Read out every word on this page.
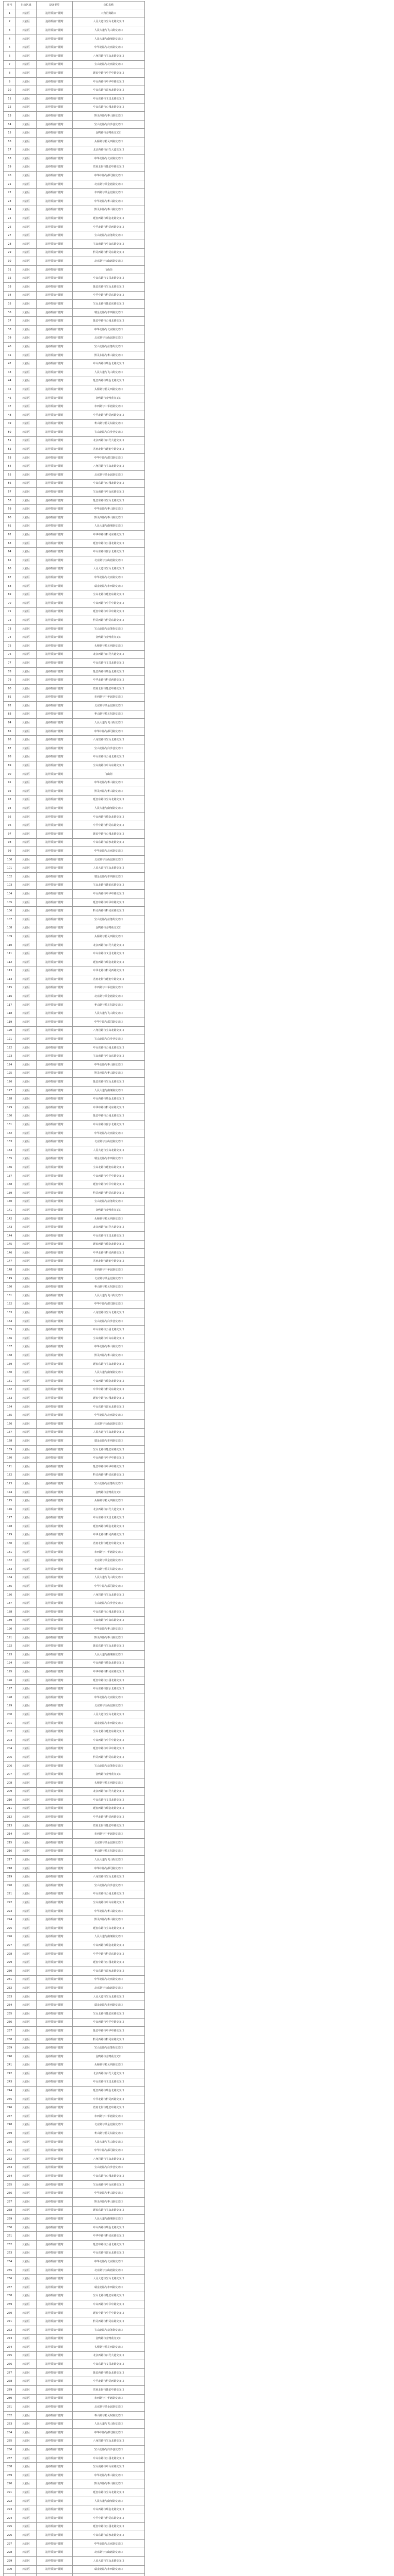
序号	行政区域	设备类型	点位名称
1	云岩区	违停抓拍不限时	八角岩路路口
2	云岩区	违停抓拍不限时	人民大道与宝山北路交叉口
3	云岩区	违停抓拍不限时	人民大道与飞山街交叉口
4	云岩区	违停抓拍不限时	人民大道与南垭路交叉口
5	云岩区	违停抓拍不限时	中华北路与北京路交叉口
6	云岩区	违停抓拍不限时	八角岩路与宝山北路交叉口
7	云岩区	违停抓拍不限时	宝山北路与北京路交叉口
8	云岩区	违停抓拍不限时	延安中路与中华中路交叉口
9	云岩区	违停抓拍不限时	中山西路与中华中路交叉口
10	云岩区	违停抓拍不限时	中山东路与富水北路交叉口
11	云岩区	违停抓拍不限时	中山东路与文昌北路交叉口
12	云岩区	违停抓拍不限时	中山东路与公园北路交叉口
13	云岩区	违停抓拍不限时	黔灵西路与枣山路交叉口
14	云岩区	违停抓拍不限时	宝山北路与白沙巷交叉口
15	云岩区	违停抓拍不限时	金鸭路与金鸭苑交叉口
16	云岩区	违停抓拍不限时	头桥路与黔灵西路交叉口
17	云岩区	违停抓拍不限时	北京西路与百花大道交叉口
18	云岩区	违停抓拍不限时	中华北路与北京路交叉口
19	云岩区	违停抓拍不限时	省府北街与延安中路交叉口
20	云岩区	违停抓拍不限时	中华中路与都司路交叉口
21	云岩区	违停抓拍不限时	北京路与瑞金北路交叉口
22	云岩区	违停抓拍不限时	市西路与瑞金北路交叉口
23	云岩区	违停抓拍不限时	中华北路与枣山路交叉口
24	云岩区	违停抓拍不限时	黔灵东路与枣山路交叉口
25	云岩区	违停抓拍不限时	延安西路与瑞金北路交叉口
26	云岩区	违停抓拍不限时	中华北路与黔灵西路交叉口
27	云岩区	违停抓拍不限时	宝山北路与盐务街交叉口
28	云岩区	违停抓拍不限时	宝山南路与中山东路交叉口
29	云岩区	违停抓拍不限时	黔灵西路与黔灵东路交叉口
30	云岩区	违停抓拍不限时	北京路与宝山北路交叉口
31	云岩区	违停抓拍不限时	飞山街
32	云岩区	违停抓拍不限时	中山东路与文昌北路交叉口
33	云岩区	违停抓拍不限时	延安东路与宝山北路交叉口
34	云岩区	违停抓拍不限时	中华中路与黔灵东路交叉口
35	云岩区	违停抓拍不限时	宝山北路与延安东路交叉口
36	云岩区	违停抓拍不限时	瑞金北路与市西路交叉口
37	云岩区	违停抓拍不限时	延安中路与公园北路交叉口
38	云岩区	违停抓拍不限时	中华北路与北京路交叉口
39	云岩区	违停抓拍不限时	北京路与宝山北路交叉口
40	云岩区	违停抓拍不限时	宝山北路与盐务街交叉口
41	云岩区	违停抓拍不限时	黔灵东路与枣山路交叉口
42	云岩区	违停抓拍不限时	中山西路与瑞金北路交叉口
43	云岩区	违停抓拍不限时	人民大道与飞山街交叉口
44	云岩区	违停抓拍不限时	延安西路与瑞金北路交叉口
45	云岩区	违停抓拍不限时	头桥路与黔灵西路交叉口
46	云岩区	违停抓拍不限时	金鸭路与金鸭苑交叉口
47	云岩区	违停抓拍不限时	市西路与中华北路交叉口
48	云岩区	违停抓拍不限时	中华北路与黔灵西路交叉口
49	云岩区	违停抓拍不限时	枣山路与黔灵东路交叉口
50	云岩区	违停抓拍不限时	宝山北路与白沙巷交叉口
51	云岩区	违停抓拍不限时	北京西路与百花大道交叉口
52	云岩区	违停抓拍不限时	省府北街与延安中路交叉口
53	云岩区	违停抓拍不限时	中华中路与都司路交叉口
54	云岩区	违停抓拍不限时	八角岩路与宝山北路交叉口
55	云岩区	违停抓拍不限时	北京路与瑞金北路交叉口
56	云岩区	违停抓拍不限时	中山东路与公园北路交叉口
57	云岩区	违停抓拍不限时	宝山南路与中山东路交叉口
58	云岩区	违停抓拍不限时	延安东路与宝山北路交叉口
59	云岩区	违停抓拍不限时	中华北路与枣山路交叉口
60	云岩区	违停抓拍不限时	黔灵西路与枣山路交叉口
61	云岩区	违停抓拍不限时	人民大道与南垭路交叉口
62	云岩区	违停抓拍不限时	中华中路与黔灵东路交叉口
63	云岩区	违停抓拍不限时	延安中路与公园北路交叉口
64	云岩区	违停抓拍不限时	中山东路与富水北路交叉口
65	云岩区	违停抓拍不限时	北京路与宝山北路交叉口
66	云岩区	违停抓拍不限时	人民大道与宝山北路交叉口
67	云岩区	违停抓拍不限时	中华北路与北京路交叉口
68	云岩区	违停抓拍不限时	瑞金北路与市西路交叉口
69	云岩区	违停抓拍不限时	宝山北路与延安东路交叉口
70	云岩区	违停抓拍不限时	中山西路与中华中路交叉口
71	云岩区	违停抓拍不限时	延安中路与中华中路交叉口
72	云岩区	违停抓拍不限时	黔灵西路与黔灵东路交叉口
73	云岩区	违停抓拍不限时	宝山北路与盐务街交叉口
74	云岩区	违停抓拍不限时	金鸭路与金鸭苑交叉口
75	云岩区	违停抓拍不限时	头桥路与黔灵西路交叉口
76	云岩区	违停抓拍不限时	北京西路与百花大道交叉口
77	云岩区	违停抓拍不限时	中山东路与文昌北路交叉口
78	云岩区	违停抓拍不限时	延安西路与瑞金北路交叉口
79	云岩区	违停抓拍不限时	中华北路与黔灵西路交叉口
80	云岩区	违停抓拍不限时	省府北街与延安中路交叉口
81	云岩区	违停抓拍不限时	市西路与中华北路交叉口
82	云岩区	违停抓拍不限时	北京路与瑞金北路交叉口
83	云岩区	违停抓拍不限时	枣山路与黔灵东路交叉口
84	云岩区	违停抓拍不限时	人民大道与飞山街交叉口
85	云岩区	违停抓拍不限时	中华中路与都司路交叉口
86	云岩区	违停抓拍不限时	八角岩路与宝山北路交叉口
87	云岩区	违停抓拍不限时	宝山北路与白沙巷交叉口
88	云岩区	违停抓拍不限时	中山东路与公园北路交叉口
89	云岩区	违停抓拍不限时	宝山南路与中山东路交叉口
90	云岩区	违停抓拍不限时	飞山街
91	云岩区	违停抓拍不限时	中华北路与枣山路交叉口
92	云岩区	违停抓拍不限时	黔灵西路与枣山路交叉口
93	云岩区	违停抓拍不限时	延安东路与宝山北路交叉口
94	云岩区	违停抓拍不限时	人民大道与南垭路交叉口
95	云岩区	违停抓拍不限时	中山西路与瑞金北路交叉口
96	云岩区	违停抓拍不限时	中华中路与黔灵东路交叉口
97	云岩区	违停抓拍不限时	延安中路与公园北路交叉口
98	云岩区	违停抓拍不限时	中山东路与富水北路交叉口
99	云岩区	违停抓拍不限时	中华北路与北京路交叉口
100	云岩区	违停抓拍不限时	北京路与宝山北路交叉口
101	云岩区	违停抓拍不限时	人民大道与宝山北路交叉口
102	云岩区	违停抓拍不限时	瑞金北路与市西路交叉口
103	云岩区	违停抓拍不限时	宝山北路与延安东路交叉口
104	云岩区	违停抓拍不限时	中山西路与中华中路交叉口
105	云岩区	违停抓拍不限时	延安中路与中华中路交叉口
106	云岩区	违停抓拍不限时	黔灵西路与黔灵东路交叉口
107	云岩区	违停抓拍不限时	宝山北路与盐务街交叉口
108	云岩区	违停抓拍不限时	金鸭路与金鸭苑交叉口
109	云岩区	违停抓拍不限时	头桥路与黔灵西路交叉口
110	云岩区	违停抓拍不限时	北京西路与百花大道交叉口
111	云岩区	违停抓拍不限时	中山东路与文昌北路交叉口
112	云岩区	违停抓拍不限时	延安西路与瑞金北路交叉口
113	云岩区	违停抓拍不限时	中华北路与黔灵西路交叉口
114	云岩区	违停抓拍不限时	省府北街与延安中路交叉口
115	云岩区	违停抓拍不限时	市西路与中华北路交叉口
116	云岩区	违停抓拍不限时	北京路与瑞金北路交叉口
117	云岩区	违停抓拍不限时	枣山路与黔灵东路交叉口
118	云岩区	违停抓拍不限时	人民大道与飞山街交叉口
119	云岩区	违停抓拍不限时	中华中路与都司路交叉口
120	云岩区	违停抓拍不限时	八角岩路与宝山北路交叉口
121	云岩区	违停抓拍不限时	宝山北路与白沙巷交叉口
122	云岩区	违停抓拍不限时	中山东路与公园北路交叉口
123	云岩区	违停抓拍不限时	宝山南路与中山东路交叉口
124	云岩区	违停抓拍不限时	中华北路与枣山路交叉口
125	云岩区	违停抓拍不限时	黔灵西路与枣山路交叉口
126	云岩区	违停抓拍不限时	延安东路与宝山北路交叉口
127	云岩区	违停抓拍不限时	人民大道与南垭路交叉口
128	云岩区	违停抓拍不限时	中山西路与瑞金北路交叉口
129	云岩区	违停抓拍不限时	中华中路与黔灵东路交叉口
130	云岩区	违停抓拍不限时	延安中路与公园北路交叉口
131	云岩区	违停抓拍不限时	中山东路与富水北路交叉口
132	云岩区	违停抓拍不限时	中华北路与北京路交叉口
133	云岩区	违停抓拍不限时	北京路与宝山北路交叉口
134	云岩区	违停抓拍不限时	人民大道与宝山北路交叉口
135	云岩区	违停抓拍不限时	瑞金北路与市西路交叉口
136	云岩区	违停抓拍不限时	宝山北路与延安东路交叉口
137	云岩区	违停抓拍不限时	中山西路与中华中路交叉口
138	云岩区	违停抓拍不限时	延安中路与中华中路交叉口
139	云岩区	违停抓拍不限时	黔灵西路与黔灵东路交叉口
140	云岩区	违停抓拍不限时	宝山北路与盐务街交叉口
141	云岩区	违停抓拍不限时	金鸭路与金鸭苑交叉口
142	云岩区	违停抓拍不限时	头桥路与黔灵西路交叉口
143	云岩区	违停抓拍不限时	北京西路与百花大道交叉口
144	云岩区	违停抓拍不限时	中山东路与文昌北路交叉口
145	云岩区	违停抓拍不限时	延安西路与瑞金北路交叉口
146	云岩区	违停抓拍不限时	中华北路与黔灵西路交叉口
147	云岩区	违停抓拍不限时	省府北街与延安中路交叉口
148	云岩区	违停抓拍不限时	市西路与中华北路交叉口
149	云岩区	违停抓拍不限时	北京路与瑞金北路交叉口
150	云岩区	违停抓拍不限时	枣山路与黔灵东路交叉口
151	云岩区	违停抓拍不限时	人民大道与飞山街交叉口
152	云岩区	违停抓拍不限时	中华中路与都司路交叉口
153	云岩区	违停抓拍不限时	八角岩路与宝山北路交叉口
154	云岩区	违停抓拍不限时	宝山北路与白沙巷交叉口
155	云岩区	违停抓拍不限时	中山东路与公园北路交叉口
156	云岩区	违停抓拍不限时	宝山南路与中山东路交叉口
157	云岩区	违停抓拍不限时	中华北路与枣山路交叉口
158	云岩区	违停抓拍不限时	黔灵西路与枣山路交叉口
159	云岩区	违停抓拍不限时	延安东路与宝山北路交叉口
160	云岩区	违停抓拍不限时	人民大道与南垭路交叉口
161	云岩区	违停抓拍不限时	中山西路与瑞金北路交叉口
162	云岩区	违停抓拍不限时	中华中路与黔灵东路交叉口
163	云岩区	违停抓拍不限时	延安中路与公园北路交叉口
164	云岩区	违停抓拍不限时	中山东路与富水北路交叉口
165	云岩区	违停抓拍不限时	中华北路与北京路交叉口
166	云岩区	违停抓拍不限时	北京路与宝山北路交叉口
167	云岩区	违停抓拍不限时	人民大道与宝山北路交叉口
168	云岩区	违停抓拍不限时	瑞金北路与市西路交叉口
169	云岩区	违停抓拍不限时	宝山北路与延安东路交叉口
170	云岩区	违停抓拍不限时	中山西路与中华中路交叉口
171	云岩区	违停抓拍不限时	延安中路与中华中路交叉口
172	云岩区	违停抓拍不限时	黔灵西路与黔灵东路交叉口
173	云岩区	违停抓拍不限时	宝山北路与盐务街交叉口
174	云岩区	违停抓拍不限时	金鸭路与金鸭苑交叉口
175	云岩区	违停抓拍不限时	头桥路与黔灵西路交叉口
176	云岩区	违停抓拍不限时	北京西路与百花大道交叉口
177	云岩区	违停抓拍不限时	中山东路与文昌北路交叉口
178	云岩区	违停抓拍不限时	延安西路与瑞金北路交叉口
179	云岩区	违停抓拍不限时	中华北路与黔灵西路交叉口
180	云岩区	违停抓拍不限时	省府北街与延安中路交叉口
181	云岩区	违停抓拍不限时	市西路与中华北路交叉口
182	云岩区	违停抓拍不限时	北京路与瑞金北路交叉口
183	云岩区	违停抓拍不限时	枣山路与黔灵东路交叉口
184	云岩区	违停抓拍不限时	人民大道与飞山街交叉口
185	云岩区	违停抓拍不限时	中华中路与都司路交叉口
186	云岩区	违停抓拍不限时	八角岩路与宝山北路交叉口
187	云岩区	违停抓拍不限时	宝山北路与白沙巷交叉口
188	云岩区	违停抓拍不限时	中山东路与公园北路交叉口
189	云岩区	违停抓拍不限时	宝山南路与中山东路交叉口
190	云岩区	违停抓拍不限时	中华北路与枣山路交叉口
191	云岩区	违停抓拍不限时	黔灵西路与枣山路交叉口
192	云岩区	违停抓拍不限时	延安东路与宝山北路交叉口
193	云岩区	违停抓拍不限时	人民大道与南垭路交叉口
194	云岩区	违停抓拍不限时	中山西路与瑞金北路交叉口
195	云岩区	违停抓拍不限时	中华中路与黔灵东路交叉口
196	云岩区	违停抓拍不限时	延安中路与公园北路交叉口
197	云岩区	违停抓拍不限时	中山东路与富水北路交叉口
198	云岩区	违停抓拍不限时	中华北路与北京路交叉口
199	云岩区	违停抓拍不限时	北京路与宝山北路交叉口
200	云岩区	违停抓拍不限时	人民大道与宝山北路交叉口
201	云岩区	违停抓拍不限时	瑞金北路与市西路交叉口
202	云岩区	违停抓拍不限时	宝山北路与延安东路交叉口
203	云岩区	违停抓拍不限时	中山西路与中华中路交叉口
204	云岩区	违停抓拍不限时	延安中路与中华中路交叉口
205	云岩区	违停抓拍不限时	黔灵西路与黔灵东路交叉口
206	云岩区	违停抓拍不限时	宝山北路与盐务街交叉口
207	云岩区	违停抓拍不限时	金鸭路与金鸭苑交叉口
208	云岩区	违停抓拍不限时	头桥路与黔灵西路交叉口
209	云岩区	违停抓拍不限时	北京西路与百花大道交叉口
210	云岩区	违停抓拍不限时	中山东路与文昌北路交叉口
211	云岩区	违停抓拍不限时	延安西路与瑞金北路交叉口
212	云岩区	违停抓拍不限时	中华北路与黔灵西路交叉口
213	云岩区	违停抓拍不限时	省府北街与延安中路交叉口
214	云岩区	违停抓拍不限时	市西路与中华北路交叉口
215	云岩区	违停抓拍不限时	北京路与瑞金北路交叉口
216	云岩区	违停抓拍不限时	枣山路与黔灵东路交叉口
217	云岩区	违停抓拍不限时	人民大道与飞山街交叉口
218	云岩区	违停抓拍不限时	中华中路与都司路交叉口
219	云岩区	违停抓拍不限时	八角岩路与宝山北路交叉口
220	云岩区	违停抓拍不限时	宝山北路与白沙巷交叉口
221	云岩区	违停抓拍不限时	中山东路与公园北路交叉口
222	云岩区	违停抓拍不限时	宝山南路与中山东路交叉口
223	云岩区	违停抓拍不限时	中华北路与枣山路交叉口
224	云岩区	违停抓拍不限时	黔灵西路与枣山路交叉口
225	云岩区	违停抓拍不限时	延安东路与宝山北路交叉口
226	云岩区	违停抓拍不限时	人民大道与南垭路交叉口
227	云岩区	违停抓拍不限时	中山西路与瑞金北路交叉口
228	云岩区	违停抓拍不限时	中华中路与黔灵东路交叉口
229	云岩区	违停抓拍不限时	延安中路与公园北路交叉口
230	云岩区	违停抓拍不限时	中山东路与富水北路交叉口
231	云岩区	违停抓拍不限时	中华北路与北京路交叉口
232	云岩区	违停抓拍不限时	北京路与宝山北路交叉口
233	云岩区	违停抓拍不限时	人民大道与宝山北路交叉口
234	云岩区	违停抓拍不限时	瑞金北路与市西路交叉口
235	云岩区	违停抓拍不限时	宝山北路与延安东路交叉口
236	云岩区	违停抓拍不限时	中山西路与中华中路交叉口
237	云岩区	违停抓拍不限时	延安中路与中华中路交叉口
238	云岩区	违停抓拍不限时	黔灵西路与黔灵东路交叉口
239	云岩区	违停抓拍不限时	宝山北路与盐务街交叉口
240	云岩区	违停抓拍不限时	金鸭路与金鸭苑交叉口
241	云岩区	违停抓拍不限时	头桥路与黔灵西路交叉口
242	云岩区	违停抓拍不限时	北京西路与百花大道交叉口
243	云岩区	违停抓拍不限时	中山东路与文昌北路交叉口
244	云岩区	违停抓拍不限时	延安西路与瑞金北路交叉口
245	云岩区	违停抓拍不限时	中华北路与黔灵西路交叉口
246	云岩区	违停抓拍不限时	省府北街与延安中路交叉口
247	云岩区	违停抓拍不限时	市西路与中华北路交叉口
248	云岩区	违停抓拍不限时	北京路与瑞金北路交叉口
249	云岩区	违停抓拍不限时	枣山路与黔灵东路交叉口
250	云岩区	违停抓拍不限时	人民大道与飞山街交叉口
251	云岩区	违停抓拍不限时	中华中路与都司路交叉口
252	云岩区	违停抓拍不限时	八角岩路与宝山北路交叉口
253	云岩区	违停抓拍不限时	宝山北路与白沙巷交叉口
254	云岩区	违停抓拍不限时	中山东路与公园北路交叉口
255	云岩区	违停抓拍不限时	宝山南路与中山东路交叉口
256	云岩区	违停抓拍不限时	中华北路与枣山路交叉口
257	云岩区	违停抓拍不限时	黔灵西路与枣山路交叉口
258	云岩区	违停抓拍不限时	延安东路与宝山北路交叉口
259	云岩区	违停抓拍不限时	人民大道与南垭路交叉口
260	云岩区	违停抓拍不限时	中山西路与瑞金北路交叉口
261	云岩区	违停抓拍不限时	中华中路与黔灵东路交叉口
262	云岩区	违停抓拍不限时	延安中路与公园北路交叉口
263	云岩区	违停抓拍不限时	中山东路与富水北路交叉口
264	云岩区	违停抓拍不限时	中华北路与北京路交叉口
265	云岩区	违停抓拍不限时	北京路与宝山北路交叉口
266	云岩区	违停抓拍不限时	人民大道与宝山北路交叉口
267	云岩区	违停抓拍不限时	瑞金北路与市西路交叉口
268	云岩区	违停抓拍不限时	宝山北路与延安东路交叉口
269	云岩区	违停抓拍不限时	中山西路与中华中路交叉口
270	云岩区	违停抓拍不限时	延安中路与中华中路交叉口
271	云岩区	违停抓拍不限时	黔灵西路与黔灵东路交叉口
272	云岩区	违停抓拍不限时	宝山北路与盐务街交叉口
273	云岩区	违停抓拍不限时	金鸭路与金鸭苑交叉口
274	云岩区	违停抓拍不限时	头桥路与黔灵西路交叉口
275	云岩区	违停抓拍不限时	北京西路与百花大道交叉口
276	云岩区	违停抓拍不限时	中山东路与文昌北路交叉口
277	云岩区	违停抓拍不限时	延安西路与瑞金北路交叉口
278	云岩区	违停抓拍不限时	中华北路与黔灵西路交叉口
279	云岩区	违停抓拍不限时	省府北街与延安中路交叉口
280	云岩区	违停抓拍不限时	市西路与中华北路交叉口
281	云岩区	违停抓拍不限时	北京路与瑞金北路交叉口
282	云岩区	违停抓拍不限时	枣山路与黔灵东路交叉口
283	云岩区	违停抓拍不限时	人民大道与飞山街交叉口
284	云岩区	违停抓拍不限时	中华中路与都司路交叉口
285	云岩区	违停抓拍不限时	八角岩路与宝山北路交叉口
286	云岩区	违停抓拍不限时	宝山北路与白沙巷交叉口
287	云岩区	违停抓拍不限时	中山东路与公园北路交叉口
288	云岩区	违停抓拍不限时	宝山南路与中山东路交叉口
289	云岩区	违停抓拍不限时	中华北路与枣山路交叉口
290	云岩区	违停抓拍不限时	黔灵西路与枣山路交叉口
291	云岩区	违停抓拍不限时	延安东路与宝山北路交叉口
292	云岩区	违停抓拍不限时	人民大道与南垭路交叉口
293	云岩区	违停抓拍不限时	中山西路与瑞金北路交叉口
294	云岩区	违停抓拍不限时	中华中路与黔灵东路交叉口
295	云岩区	违停抓拍不限时	延安中路与公园北路交叉口
296	云岩区	违停抓拍不限时	中山东路与富水北路交叉口
297	云岩区	违停抓拍不限时	中华北路与北京路交叉口
298	云岩区	违停抓拍不限时	北京路与宝山北路交叉口
299	云岩区	违停抓拍不限时	人民大道与宝山北路交叉口
300	云岩区	违停抓拍不限时	瑞金北路与市西路交叉口
